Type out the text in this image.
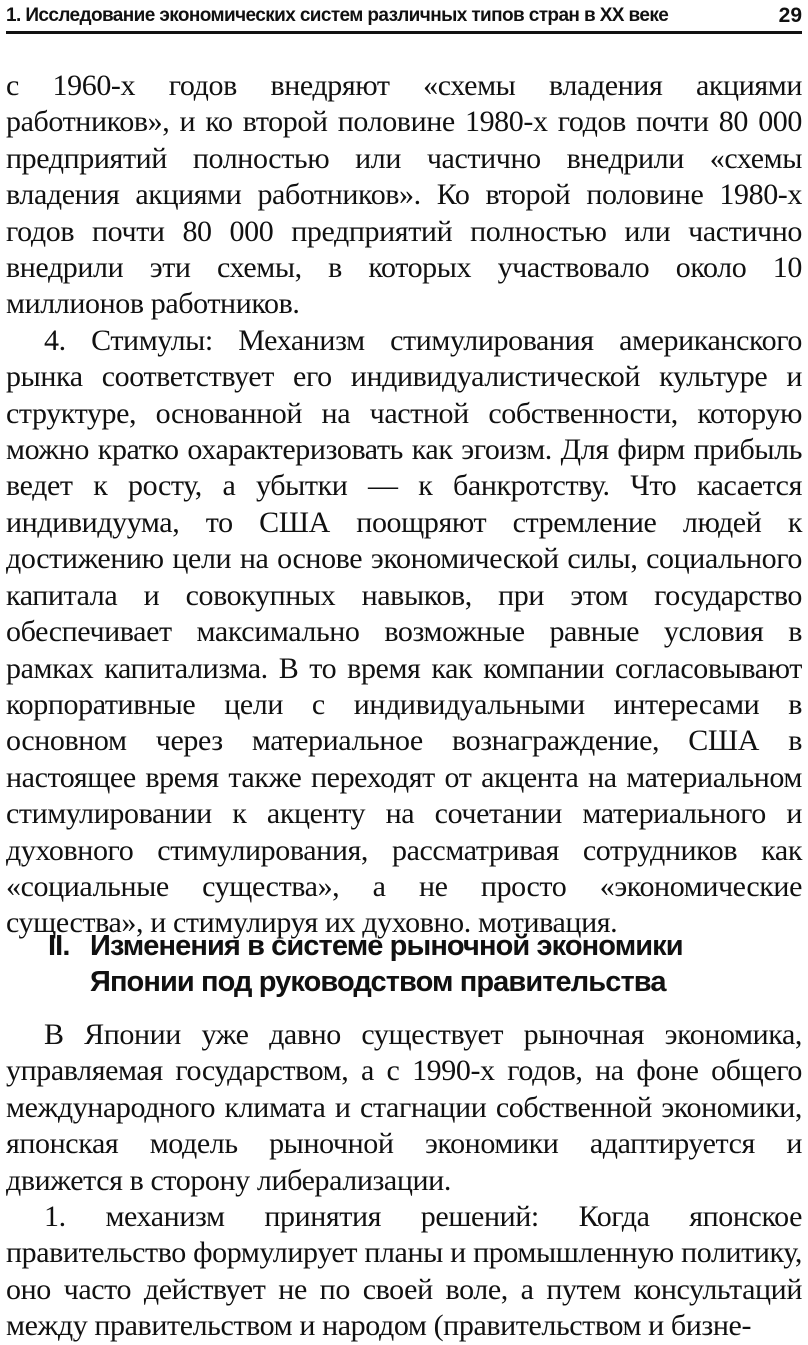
1. Исследование экономических систем различных типов стран в XX веке	29

с 1960-х годов внедряют «схемы владения акциями работников», и ко второй половине 1980-х годов почти 80 000 предприятий полностью или частично внедрили «схемы владения акциями работников». Ко второй половине 1980-х годов почти 80 000 предприятий полностью или частично внедрили эти схемы, в которых участвовало около 10 миллионов работников.

4. Стимулы: Механизм стимулирования американского рынка соответствует его индивидуалистической культуре и структуре, основанной на частной собственности, которую можно кратко охарактеризовать как эгоизм. Для фирм прибыль ведет к росту, а убытки — к банкротству. Что касается индивидуума, то США поощряют стремление людей к достижению цели на основе экономической силы, социального капитала и совокупных навыков, при этом государство обеспечивает максимально возможные равные условия в рамках капитализма. В то время как компании согласовывают корпоративные цели с индивидуальными интересами в основном через материальное вознаграждение, США в настоящее время также переходят от акцента на материальном стимулировании к акценту на сочетании материального и духовного стимулирования, рассматривая сотрудников как «социальные существа», а не просто «экономические существа», и стимулируя их духовно. мотивация.

II. Изменения в системе рыночной экономики
Японии под руководством правительства

В Японии уже давно существует рыночная экономика, управляемая государством, а с 1990-х годов, на фоне общего международного климата и стагнации собственной экономики, японская модель рыночной экономики адаптируется и движется в сторону либерализации.

1. механизм принятия решений: Когда японское правительство формулирует планы и промышленную политику, оно часто действует не по своей воле, а путем консультаций между правительством и народом (правительством и бизне-
